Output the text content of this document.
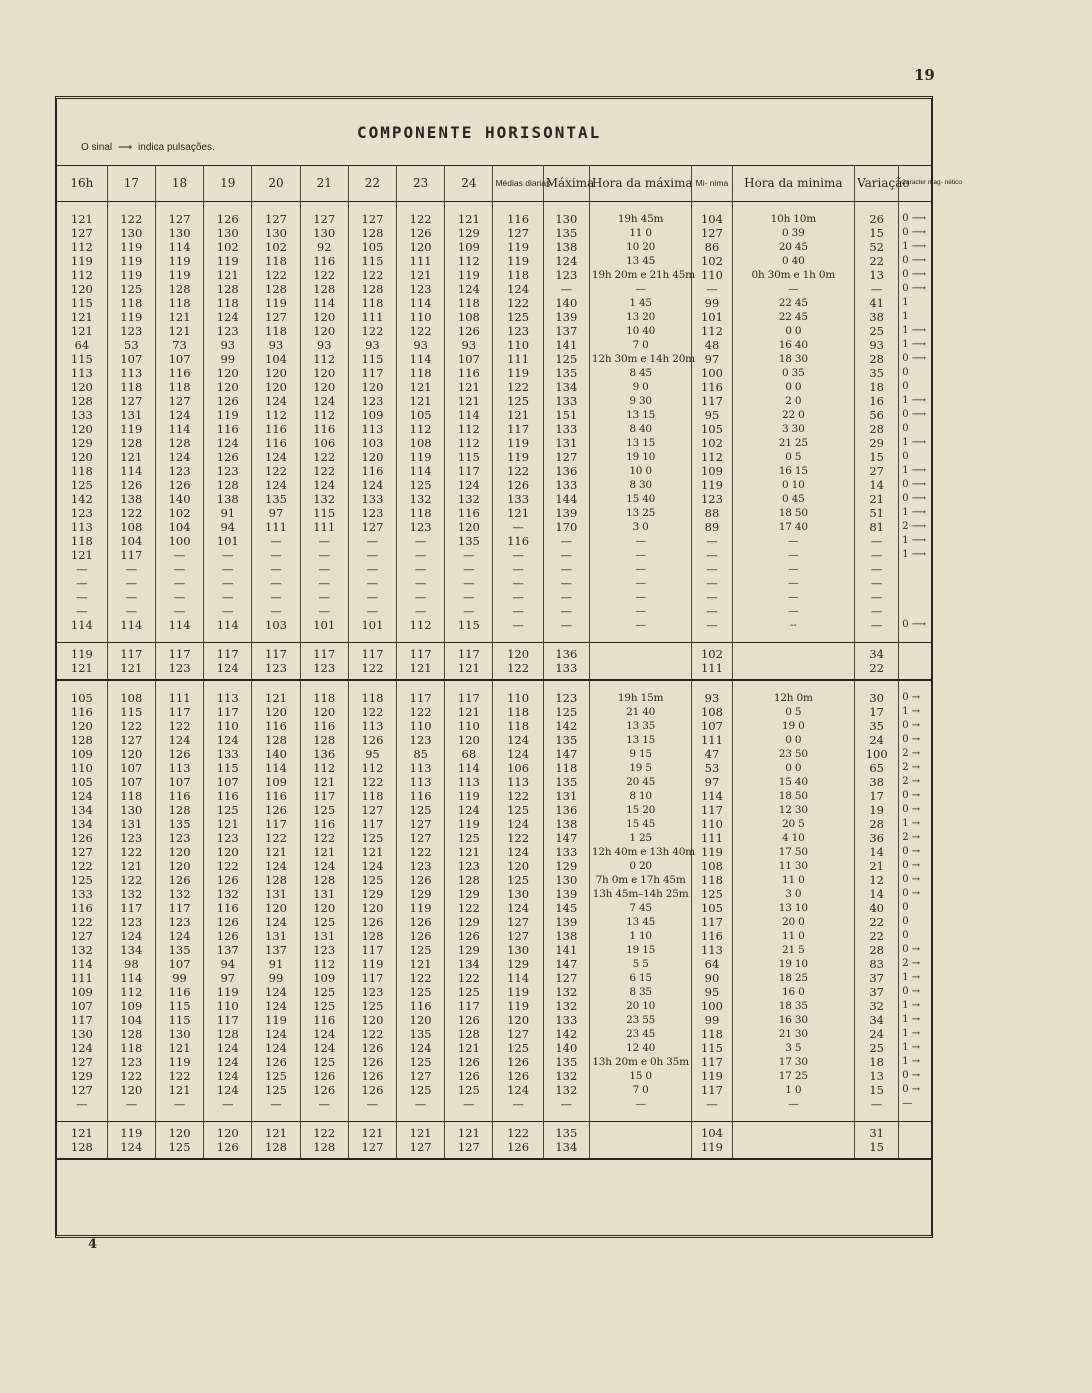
19
O sinal ⟶ indica pulsações.
COMPONENTE HORISONTAL
16h	17	18	19	20	21	22	23	24	Médias diarias	Máxima	Hora da máxima	Mi- nima	Hora da minima	Variação	Caracter mag- nético

121	122	127	126	127	127	127	122	121	116	130	19h 45m	104	10h 10m	26	0 ⟶
127	130	130	130	130	130	128	126	129	127	135	11 0	127	0 39	15	0 ⟶
112	119	114	102	102	92	105	120	109	119	138	10 20	86	20 45	52	1 ⟶
119	119	119	119	118	116	115	111	112	119	124	13 45	102	0 40	22	0 ⟶
112	119	119	121	122	122	122	121	119	118	123	19h 20m e 21h 45m	110	0h 30m e 1h 0m	13	0 ⟶
120	125	128	128	128	128	128	123	124	124	—	—	—	—	—	0 ⟶
115	118	118	118	119	114	118	114	118	122	140	1 45	99	22 45	41	1
121	119	121	124	127	120	111	110	108	125	139	13 20	101	22 45	38	1
121	123	121	123	118	120	122	122	126	123	137	10 40	112	0 0	25	1 ⟶
64	53	73	93	93	93	93	93	93	110	141	7 0	48	16 40	93	1 ⟶
115	107	107	99	104	112	115	114	107	111	125	12h 30m e 14h 20m	97	18 30	28	0 ⟶
113	113	116	120	120	120	117	118	116	119	135	8 45	100	0 35	35	0
120	118	118	120	120	120	120	121	121	122	134	9 0	116	0 0	18	0
128	127	127	126	124	124	123	121	121	125	133	9 30	117	2 0	16	1 ⟶
133	131	124	119	112	112	109	105	114	121	151	13 15	95	22 0	56	0 ⟶
120	119	114	116	116	116	113	112	112	117	133	8 40	105	3 30	28	0
129	128	128	124	116	106	103	108	112	119	131	13 15	102	21 25	29	1 ⟶
120	121	124	126	124	122	120	119	115	119	127	19 10	112	0 5	15	0
118	114	123	123	122	122	116	114	117	122	136	10 0	109	16 15	27	1 ⟶
125	126	126	128	124	124	124	125	124	126	133	8 30	119	0 10	14	0 ⟶
142	138	140	138	135	132	133	132	132	133	144	15 40	123	0 45	21	0 ⟶
123	122	102	91	97	115	123	118	116	121	139	13 25	88	18 50	51	1 ⟶
113	108	104	94	111	111	127	123	120	—	170	3 0	89	17 40	81	2 ⟶
118	104	100	101	—	—	—	—	135	116	—	—	—	—	—	1 ⟶
121	117	—	—	—	—	—	—	—	—	—	—	—	—	—	1 ⟶
—	—	—	—	—	—	—	—	—	—	—	—	—	—	—	
—	—	—	—	—	—	—	—	—	—	—	—	—	—	—	
—	—	—	—	—	—	—	—	—	—	—	—	—	—	—	
—	—	—	—	—	—	—	—	—	—	—	—	—	—	—	
114	114	114	114	103	101	101	112	115	—	—	—	—	--	—	0 ⟶

119	117	117	117	117	117	117	117	117	120	136		102		34	
121	121	123	124	123	123	122	121	121	122	133		111		22	

105	108	111	113	121	118	118	117	117	110	123	19h 15m	93	12h 0m	30	0 →
116	115	117	117	120	120	122	122	121	118	125	21 40	108	0 5	17	1 →
120	122	122	110	116	116	113	110	110	118	142	13 35	107	19 0	35	0 →
128	127	124	124	128	128	126	123	120	124	135	13 15	111	0 0	24	0 →
109	120	126	133	140	136	95	85	68	124	147	9 15	47	23 50	100	2 →
110	107	113	115	114	112	112	113	114	106	118	19 5	53	0 0	65	2 →
105	107	107	107	109	121	122	113	113	113	135	20 45	97	15 40	38	2 →
124	118	116	116	116	117	118	116	119	122	131	8 10	114	18 50	17	0 →
134	130	128	125	126	125	127	125	124	125	136	15 20	117	12 30	19	0 →
134	131	135	121	117	116	117	127	119	124	138	15 45	110	20 5	28	1 →
126	123	123	123	122	122	125	127	125	122	147	1 25	111	4 10	36	2 →
127	122	120	120	121	121	121	122	121	124	133	12h 40m e 13h 40m	119	17 50	14	0 →
122	121	120	122	124	124	124	123	123	120	129	0 20	108	11 30	21	0 →
125	122	126	126	128	128	125	126	128	125	130	7h 0m e 17h 45m	118	11 0	12	0 →
133	132	132	132	131	131	129	129	129	130	139	13h 45m–14h 25m	125	3 0	14	0 →
116	117	117	116	120	120	120	119	122	124	145	7 45	105	13 10	40	0
122	123	123	126	124	125	126	126	129	127	139	13 45	117	20 0	22	0
127	124	124	126	131	131	128	126	126	127	138	1 10	116	11 0	22	0
132	134	135	137	137	123	117	125	129	130	141	19 15	113	21 5	28	0 →
114	98	107	94	91	112	119	121	134	129	147	5 5	64	19 10	83	2 →
111	114	99	97	99	109	117	122	122	114	127	6 15	90	18 25	37	1 →
109	112	116	119	124	125	123	125	125	119	132	8 35	95	16 0	37	0 →
107	109	115	110	124	125	125	116	117	119	132	20 10	100	18 35	32	1 →
117	104	115	117	119	116	120	120	126	120	133	23 55	99	16 30	34	1 →
130	128	130	128	124	124	122	135	128	127	142	23 45	118	21 30	24	1 →
124	118	121	124	124	124	126	124	121	125	140	12 40	115	3 5	25	1 →
127	123	119	124	126	125	126	125	126	126	135	13h 20m e 0h 35m	117	17 30	18	1 →
129	122	122	124	125	126	126	127	126	126	132	15 0	119	17 25	13	0 →
127	120	121	124	125	126	126	125	125	124	132	7 0	117	1 0	15	0 →
—	—	—	—	—	—	—	—	—	—	—	—	—	—	—	—

121	119	120	120	121	122	121	121	121	122	135		104		31	
128	124	125	126	128	128	127	127	127	126	134		119		15	
4
